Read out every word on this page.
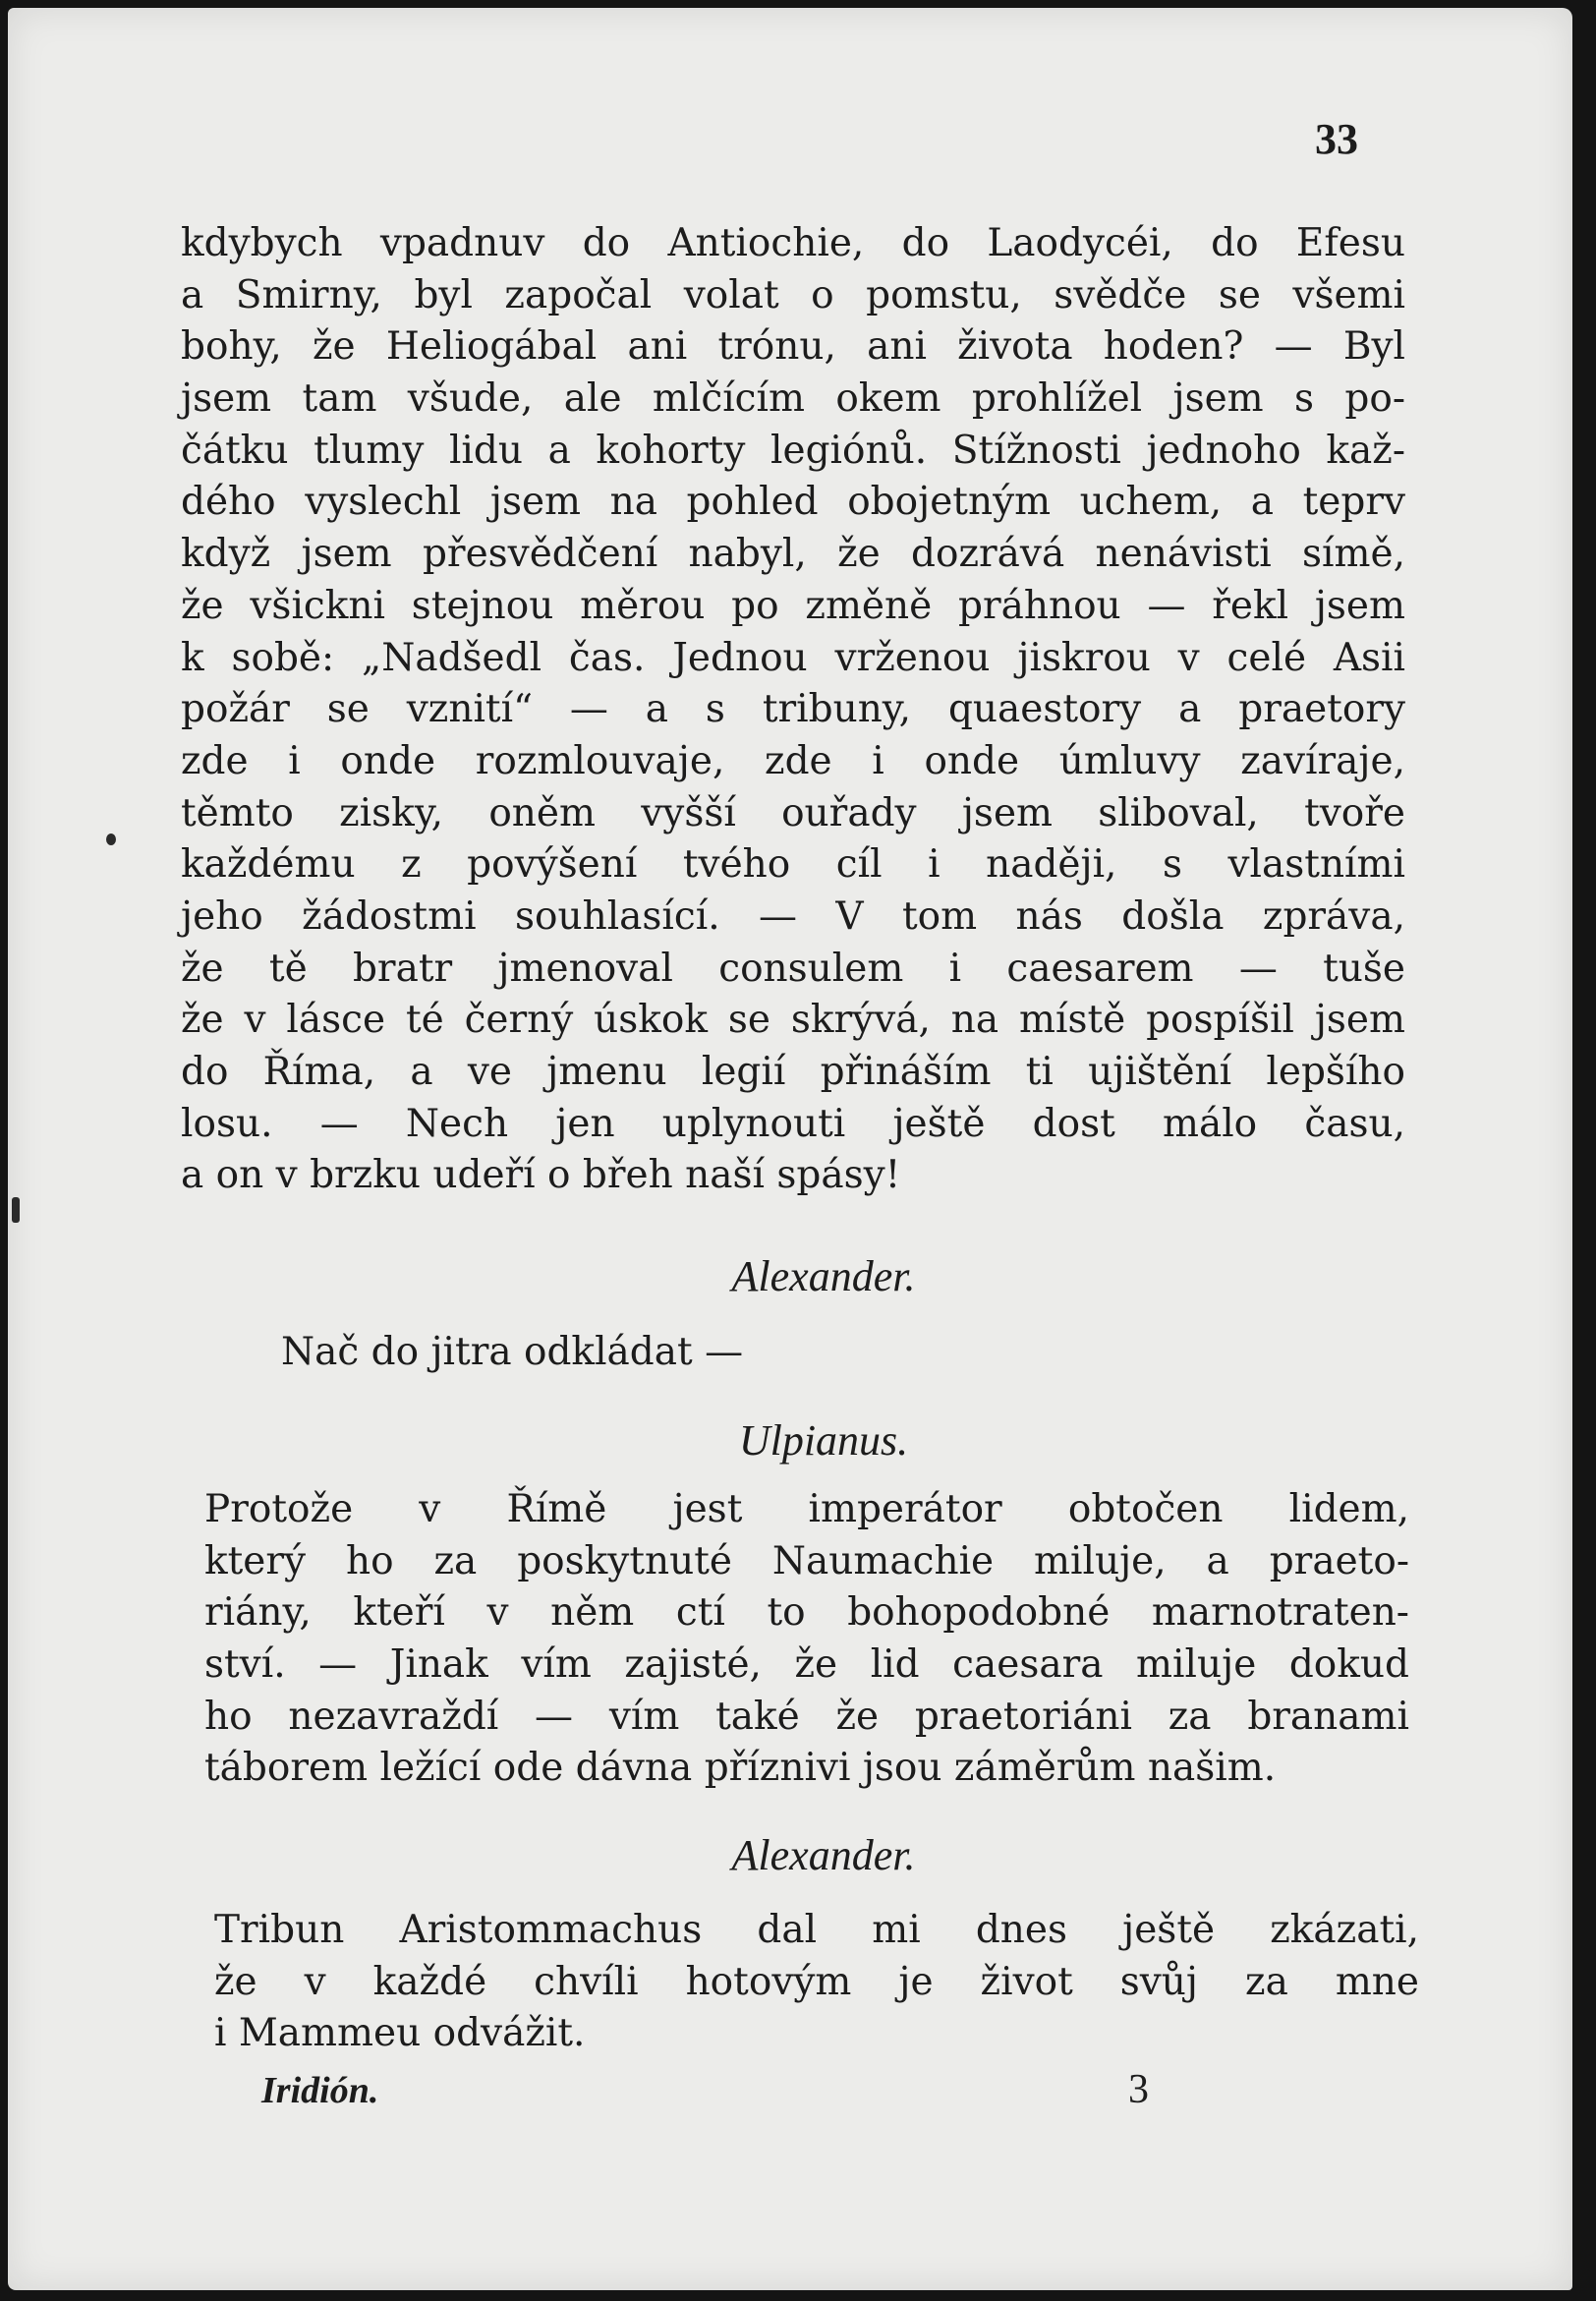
33
kdybych vpadnuv do Antiochie, do Laodycéi, do Efesu
a Smirny, byl započal volat o pomstu, svědče se všemi
bohy, že Heliogábal ani trónu, ani života hoden? — Byl
jsem tam všude, ale mlčícím okem prohlížel jsem s po-
čátku tlumy lidu a kohorty legiónů. Stížnosti jednoho kaž-
dého vyslechl jsem na pohled obojetným uchem, a teprv
když jsem přesvědčení nabyl, že dozrává nenávisti símě,
že všickni stejnou měrou po změně práhnou — řekl jsem
k sobě: „Nadšedl čas. Jednou vrženou jiskrou v celé Asii
požár se vznití“ — a s tribuny, quaestory a praetory
zde i onde rozmlouvaje, zde i onde úmluvy zavíraje,
těmto zisky, oněm vyšší ouřady jsem sliboval, tvoře
každému z povýšení tvého cíl i naději, s vlastními
jeho žádostmi souhlasící. — V tom nás došla zpráva,
že tě bratr jmenoval consulem i caesarem — tuše
že v lásce té černý úskok se skrývá, na místě pospíšil jsem
do Říma, a ve jmenu legií přináším ti ujištění lepšího
losu. — Nech jen uplynouti ještě dost málo času,
a on v brzku udeří o břeh naší spásy!
Alexander.
Nač do jitra odkládat —
Ulpianus.
Protože v Římě jest imperátor obtočen lidem,
který ho za poskytnuté Naumachie miluje, a praeto-
riány, kteří v něm ctí to bohopodobné marnotraten-
ství. — Jinak vím zajisté, že lid caesara miluje dokud
ho nezavraždí — vím také že praetoriáni za branami
táborem ležící ode dávna příznivi jsou záměrům našim.
Alexander.
Tribun Aristommachus dal mi dnes ještě zkázati,
že v každé chvíli hotovým je život svůj za mne
i Mammeu odvážit.
Iridión.	3
